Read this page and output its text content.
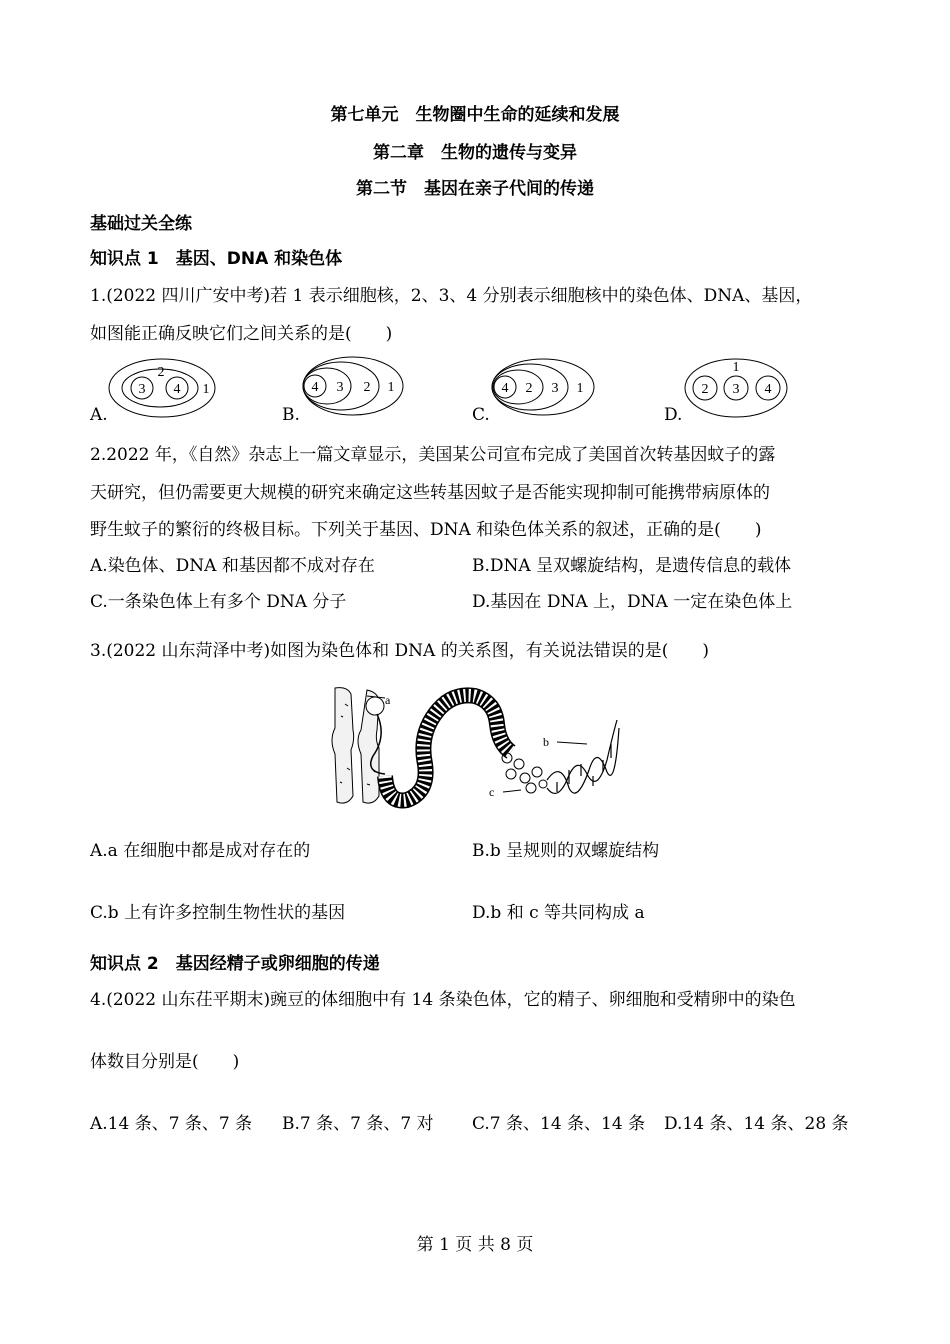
第七单元　生物圈中生命的延续和发展
第二章　生物的遗传与变异
第二节　基因在亲子代间的传递
基础过关全练
知识点 1　基因、DNA 和染色体
1.(2022 四川广安中考)若 1 表示细胞核，2、3、4 分别表示细胞核中的染色体、DNA、基因，
如图能正确反映它们之间关系的是(　　)
A.	B.	C.	D.
3 4
2
1	4 3 2 1	4 2 3 1
1
2 3 4
2.2022 年，《自然》杂志上一篇文章显示，美国某公司宣布完成了美国首次转基因蚊子的露
天研究，但仍需要更大规模的研究来确定这些转基因蚊子是否能实现抑制可能携带病原体的
野生蚊子的繁衍的终极目标。下列关于基因、DNA 和染色体关系的叙述，正确的是(　　)
A.染色体、DNA 和基因都不成对存在	B.DNA 呈双螺旋结构，是遗传信息的载体
C.一条染色体上有多个 DNA 分子	D.基因在 DNA 上，DNA 一定在染色体上
3.(2022 山东菏泽中考)如图为染色体和 DNA 的关系图，有关说法错误的是(　　)
a
c
b
A.a 在细胞中都是成对存在的	B.b 呈规则的双螺旋结构
C.b 上有许多控制生物性状的基因	D.b 和 c 等共同构成 a
知识点 2　基因经精子或卵细胞的传递
4.(2022 山东茌平期末)豌豆的体细胞中有 14 条染色体，它的精子、卵细胞和受精卵中的染色
体数目分别是(　　)
A.14 条、7 条、7 条 B.7 条、7 条、7 对 C.7 条、14 条、14 条 D.14 条、14 条、28 条
第 1 页 共 8 页
